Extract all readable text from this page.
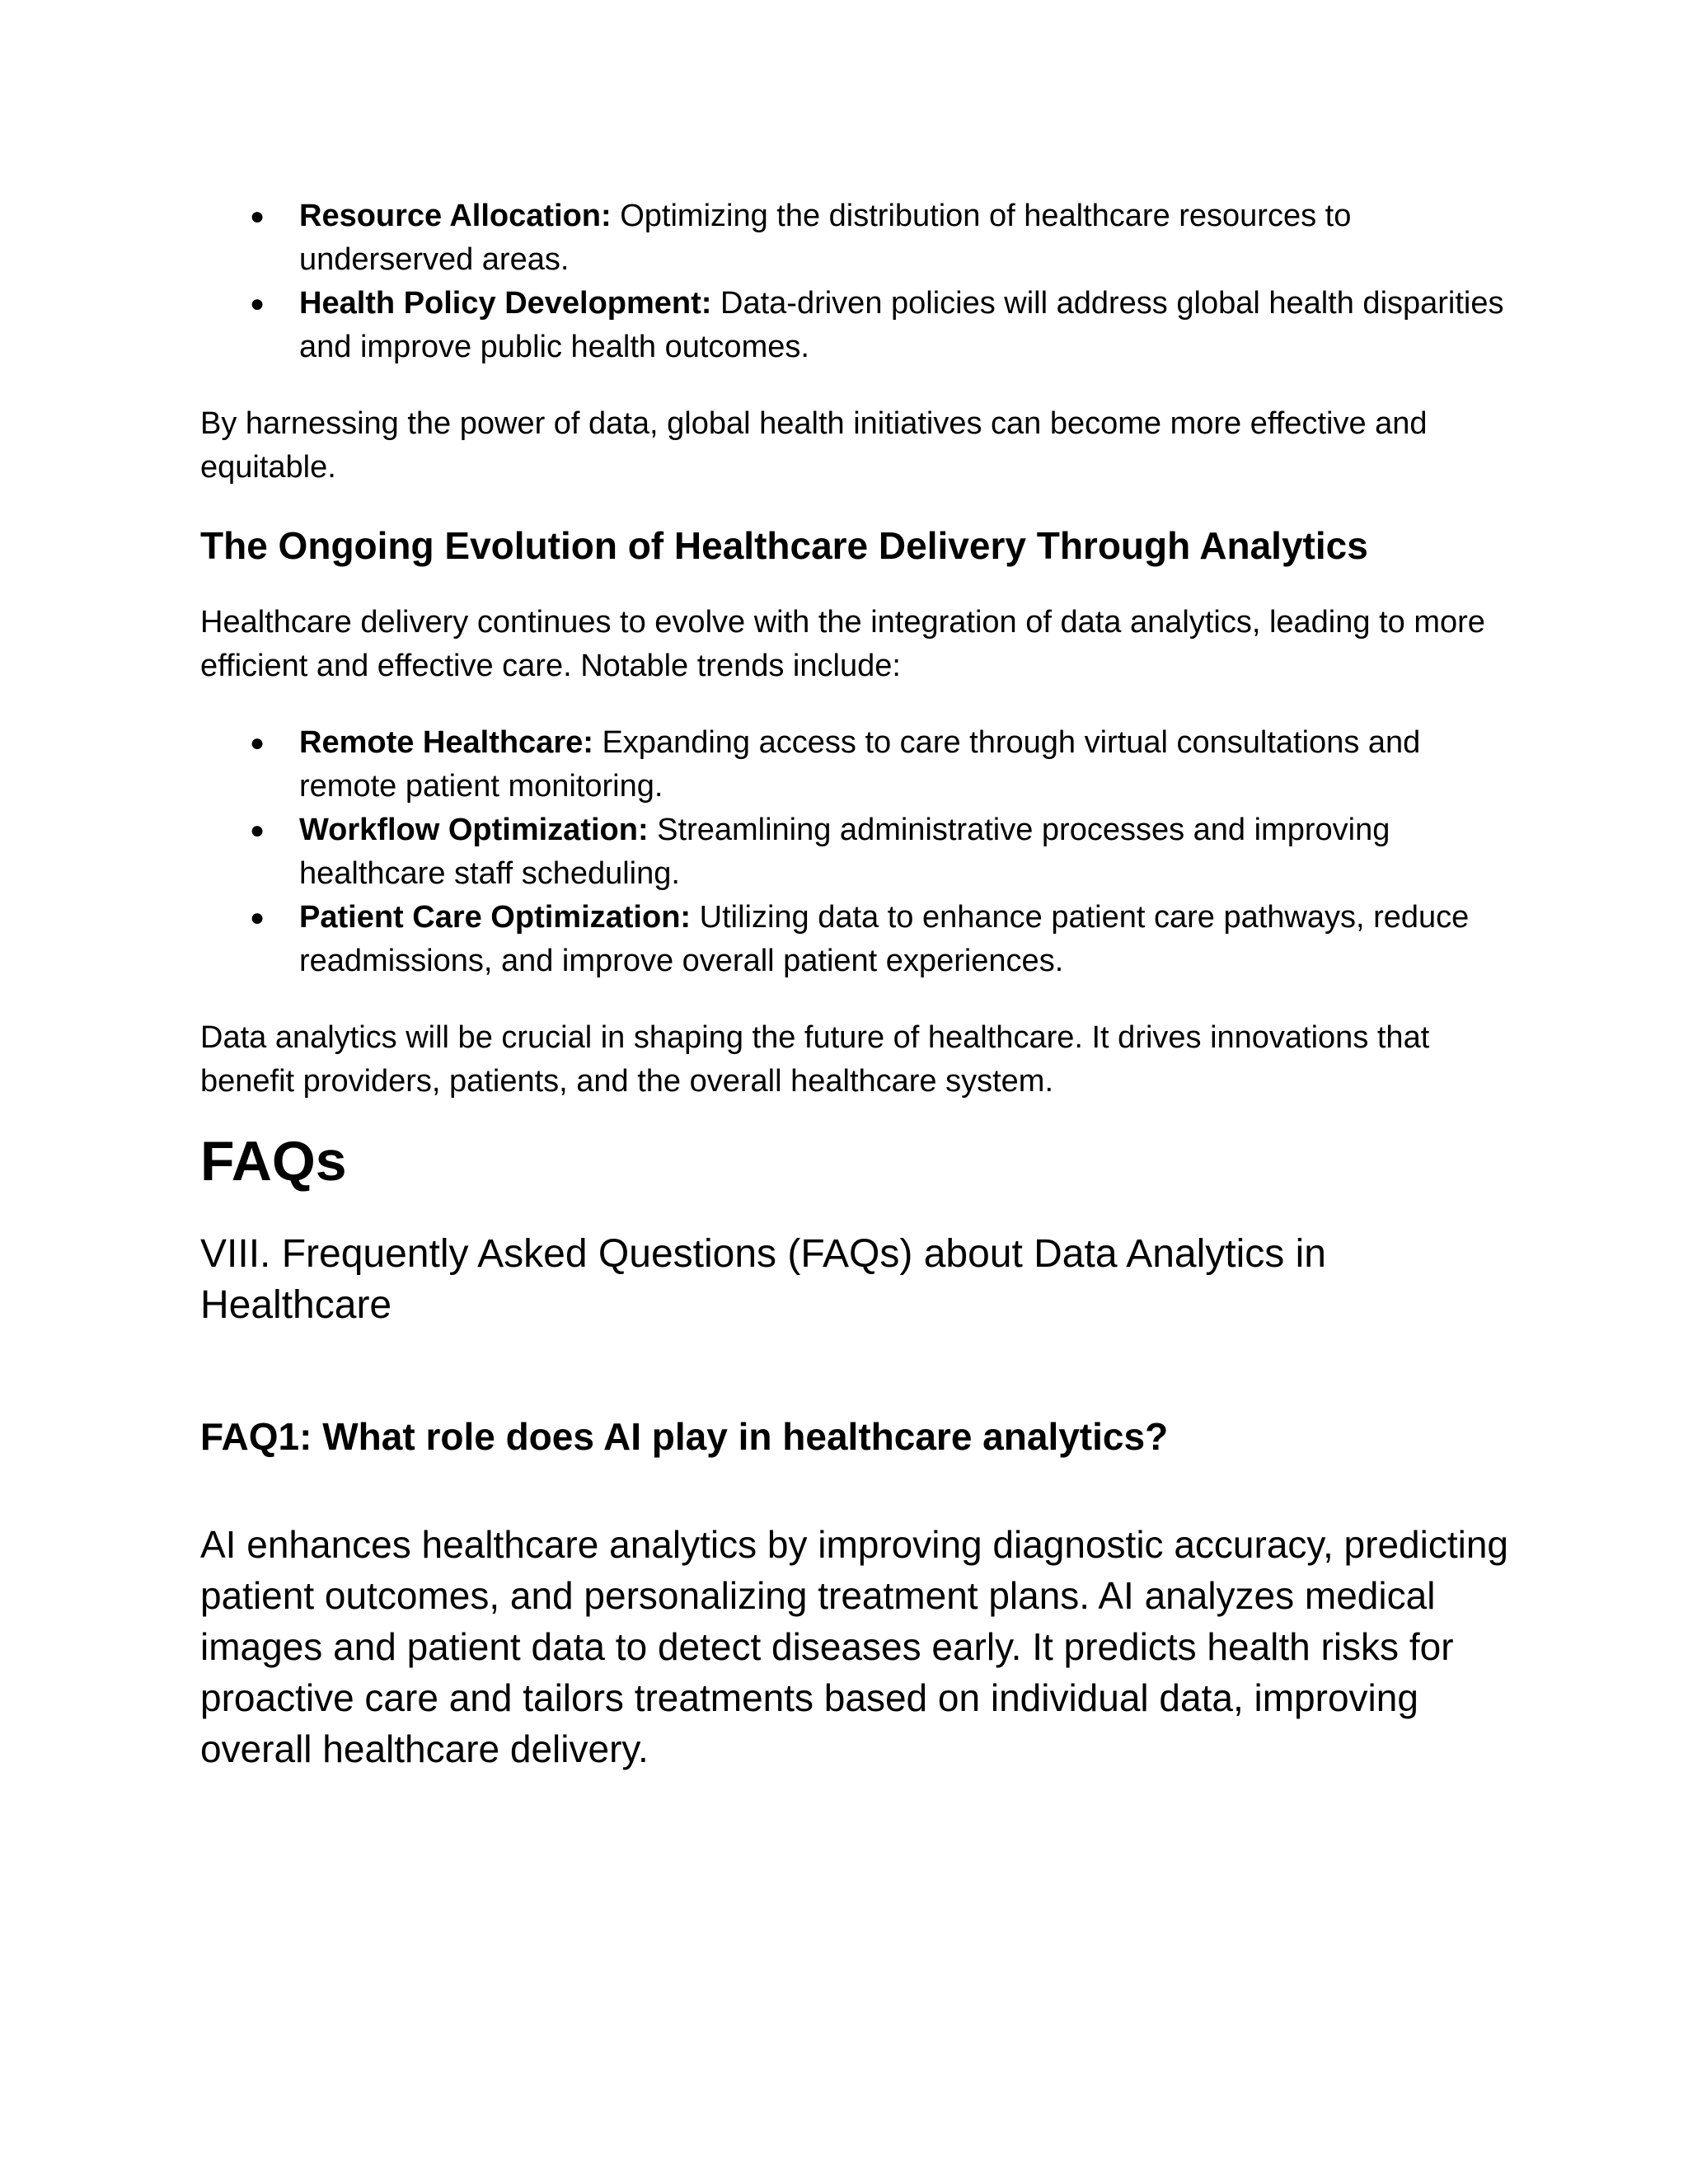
● Resource Allocation: Optimizing the distribution of healthcare resources to underserved areas.
● Health Policy Development: Data-driven policies will address global health disparities and improve public health outcomes.

By harnessing the power of data, global health initiatives can become more effective and equitable.

The Ongoing Evolution of Healthcare Delivery Through Analytics

Healthcare delivery continues to evolve with the integration of data analytics, leading to more efficient and effective care. Notable trends include:

● Remote Healthcare: Expanding access to care through virtual consultations and remote patient monitoring.
● Workflow Optimization: Streamlining administrative processes and improving healthcare staff scheduling.
● Patient Care Optimization: Utilizing data to enhance patient care pathways, reduce readmissions, and improve overall patient experiences.

Data analytics will be crucial in shaping the future of healthcare. It drives innovations that benefit providers, patients, and the overall healthcare system.

FAQs

VIII. Frequently Asked Questions (FAQs) about Data Analytics in Healthcare

FAQ1: What role does AI play in healthcare analytics?

AI enhances healthcare analytics by improving diagnostic accuracy, predicting patient outcomes, and personalizing treatment plans. AI analyzes medical images and patient data to detect diseases early. It predicts health risks for proactive care and tailors treatments based on individual data, improving overall healthcare delivery.
